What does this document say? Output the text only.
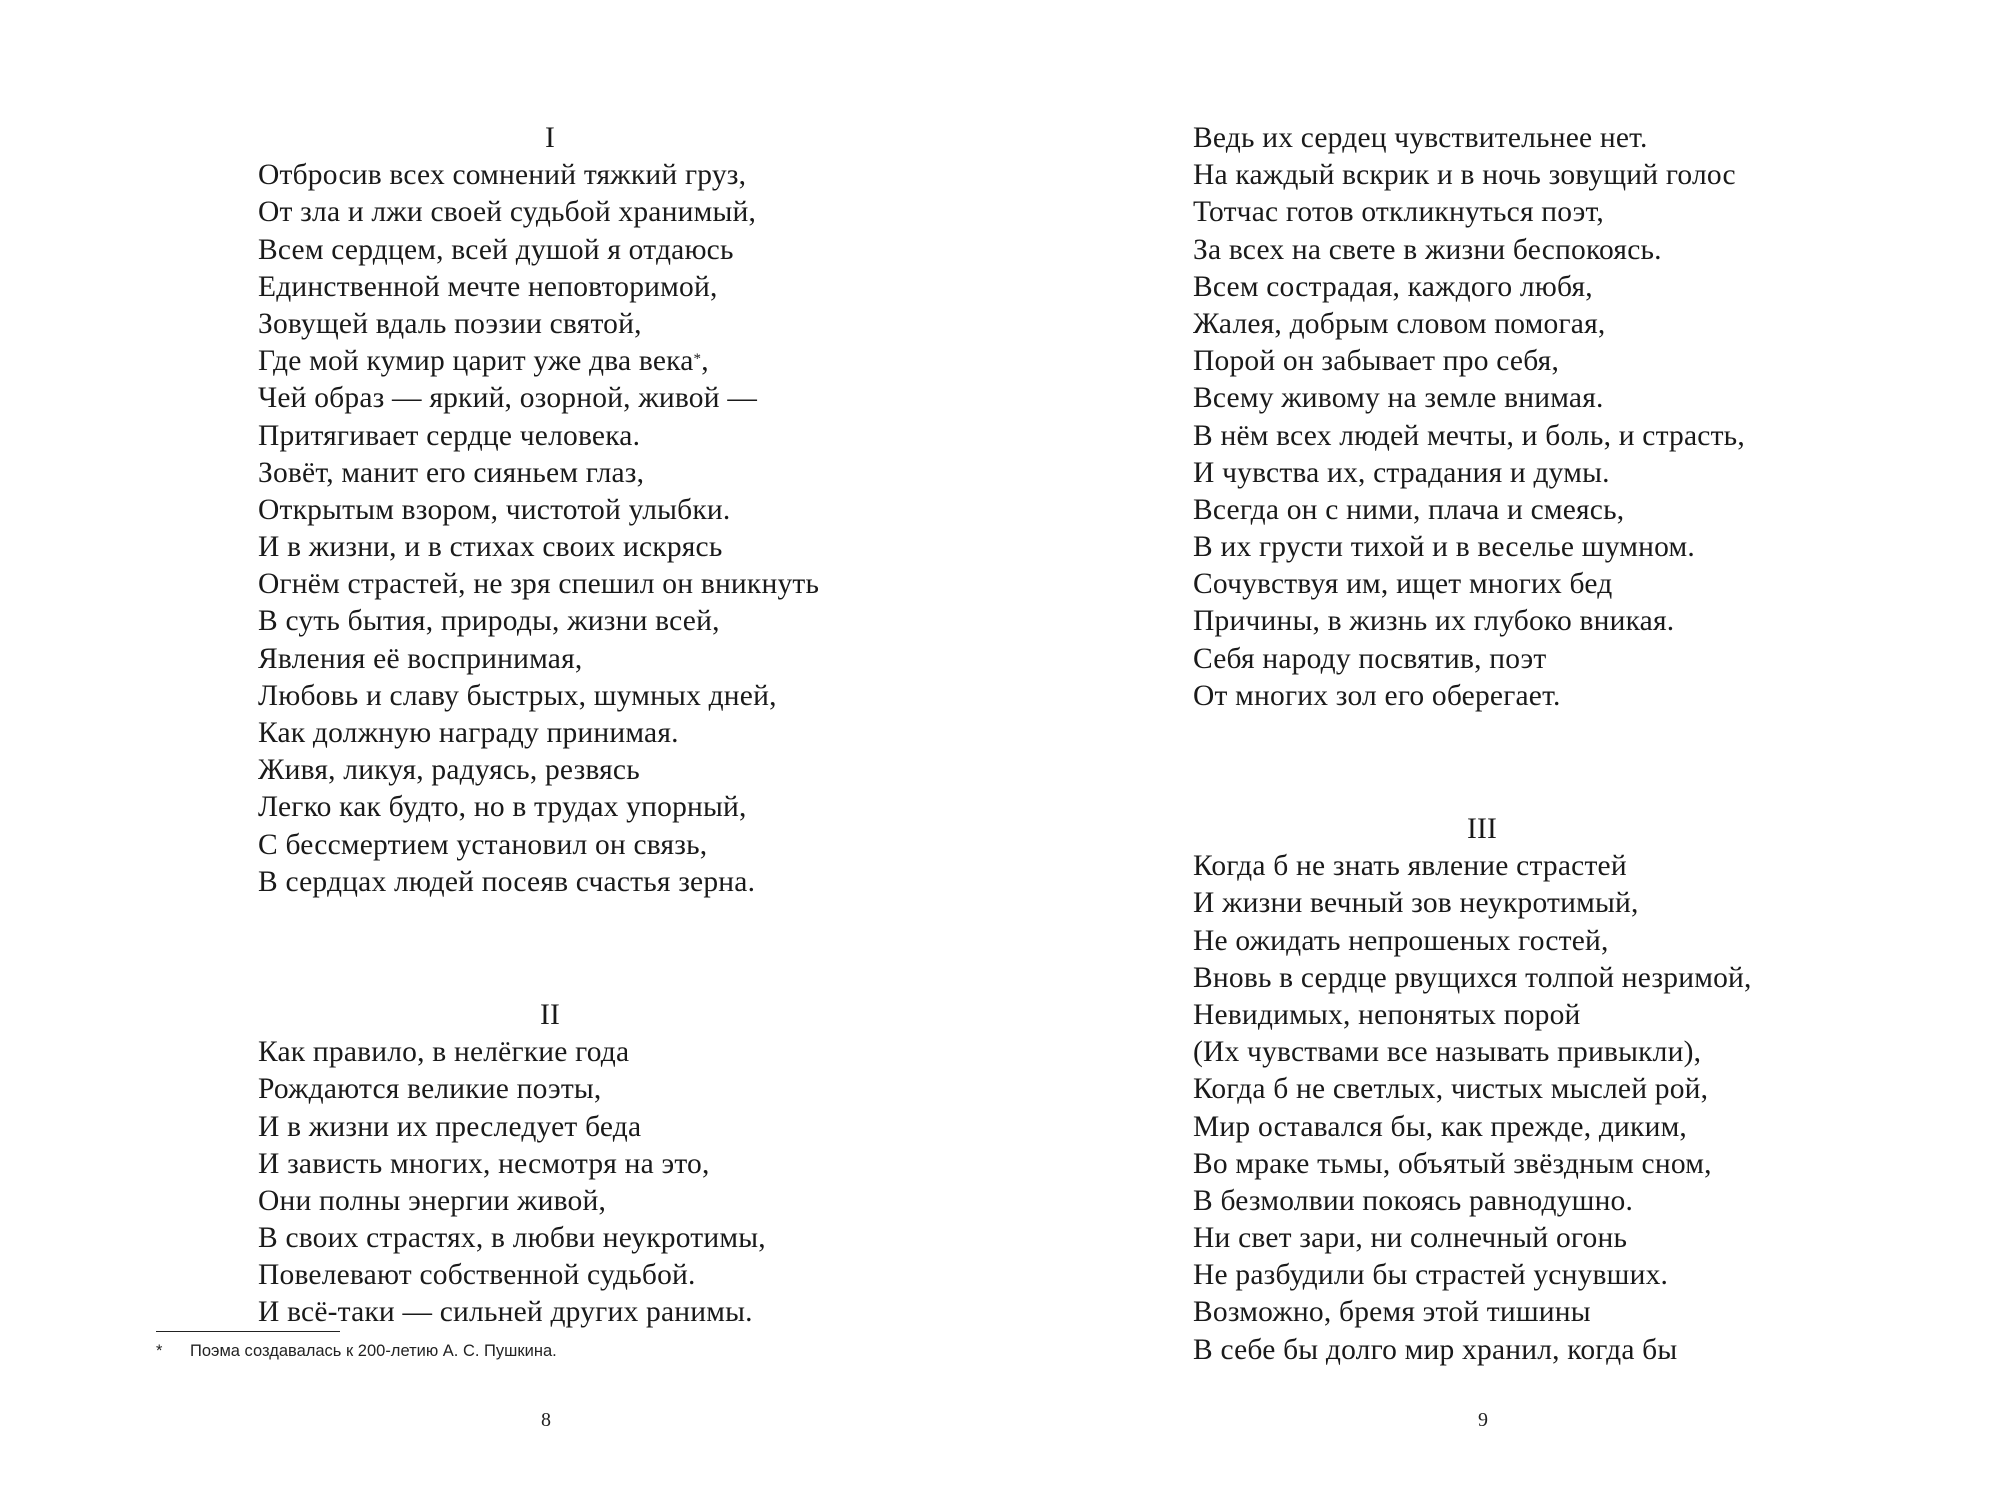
I
Отбросив всех сомнений тяжкий груз,
От зла и лжи своей судьбой хранимый,
Всем сердцем, всей душой я отдаюсь
Единственной мечте неповторимой,
Зовущей вдаль поэзии святой,
Где мой кумир царит уже два века*,
Чей образ — яркий, озорной, живой —
Притягивает сердце человека.
Зовёт, манит его сияньем глаз,
Открытым взором, чистотой улыбки.
И в жизни, и в стихах своих искрясь
Огнём страстей, не зря спешил он вникнуть
В суть бытия, природы, жизни всей,
Явления её воспринимая,
Любовь и славу быстрых, шумных дней,
Как должную награду принимая.
Живя, ликуя, радуясь, резвясь
Легко как будто, но в трудах упорный,
С бессмертием установил он связь,
В сердцах людей посеяв счастья зерна.
II
Как правило, в нелёгкие года
Рождаются великие поэты,
И в жизни их преследует беда
И зависть многих, несмотря на это,
Они полны энергии живой,
В своих страстях, в любви неукротимы,
Повелевают собственной судьбой.
И всё-таки — сильней других ранимы.
* Поэма создавалась к 200-летию А. С. Пушкина.
8
Ведь их сердец чувствительнее нет.
На каждый вскрик и в ночь зовущий голос
Тотчас готов откликнуться поэт,
За всех на свете в жизни беспокоясь.
Всем сострадая, каждого любя,
Жалея, добрым словом помогая,
Порой он забывает про себя,
Всему живому на земле внимая.
В нём всех людей мечты, и боль, и страсть,
И чувства их, страдания и думы.
Всегда он с ними, плача и смеясь,
В их грусти тихой и в веселье шумном.
Сочувствуя им, ищет многих бед
Причины, в жизнь их глубоко вникая.
Себя народу посвятив, поэт
От многих зол его оберегает.
III
Когда б не знать явление страстей
И жизни вечный зов неукротимый,
Не ожидать непрошеных гостей,
Вновь в сердце рвущихся толпой незримой,
Невидимых, непонятых порой
(Их чувствами все называть привыкли),
Когда б не светлых, чистых мыслей рой,
Мир оставался бы, как прежде, диким,
Во мраке тьмы, объятый звёздным сном,
В безмолвии покоясь равнодушно.
Ни свет зари, ни солнечный огонь
Не разбудили бы страстей уснувших.
Возможно, бремя этой тишины
В себе бы долго мир хранил, когда бы
9
